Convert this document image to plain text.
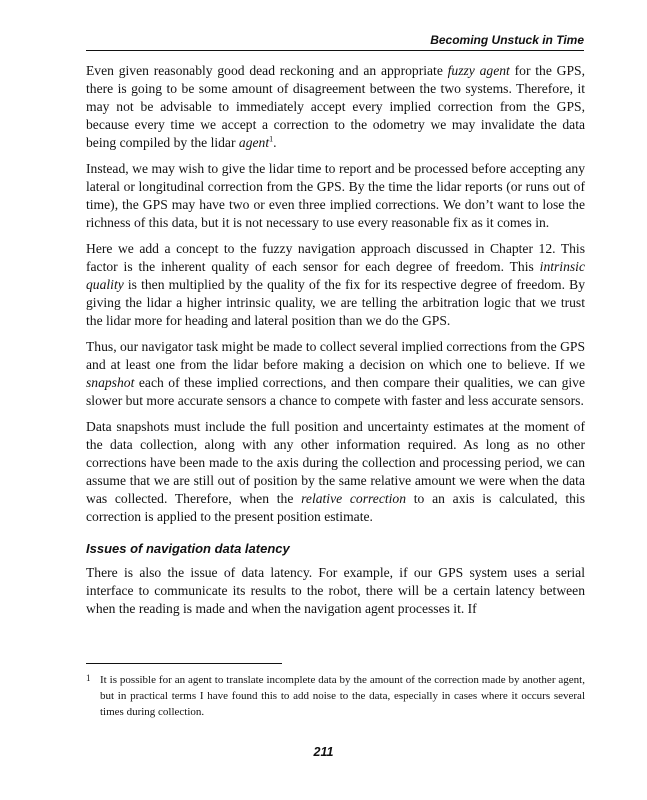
Becoming Unstuck in Time

Even given reasonably good dead reckoning and an appropriate fuzzy agent for the GPS, there is going to be some amount of disagreement between the two systems. Therefore, it may not be advisable to immediately accept every implied correction from the GPS, because every time we accept a correction to the odometry we may invalidate the data being compiled by the lidar agent$^1$.

Instead, we may wish to give the lidar time to report and be processed before accepting any lateral or longitudinal correction from the GPS. By the time the lidar reports (or runs out of time), the GPS may have two or even three implied corrections. We don’t want to lose the richness of this data, but it is not necessary to use every reasonable fix as it comes in.

Here we add a concept to the fuzzy navigation approach discussed in Chapter 12. This factor is the inherent quality of each sensor for each degree of freedom. This intrinsic quality is then multiplied by the quality of the fix for its respective degree of freedom. By giving the lidar a higher intrinsic quality, we are telling the arbitration logic that we trust the lidar more for heading and lateral position than we do the GPS.

Thus, our navigator task might be made to collect several implied corrections from the GPS and at least one from the lidar before making a decision on which one to believe. If we snapshot each of these implied corrections, and then compare their qualities, we can give slower but more accurate sensors a chance to compete with faster and less accurate sensors.

Data snapshots must include the full position and uncertainty estimates at the moment of the data collection, along with any other information required. As long as no other corrections have been made to the axis during the collection and processing period, we can assume that we are still out of position by the same relative amount we were when the data was collected. Therefore, when the relative correction to an axis is calculated, this correction is applied to the present position estimate.

Issues of navigation data latency

There is also the issue of data latency. For example, if our GPS system uses a serial interface to communicate its results to the robot, there will be a certain latency between when the reading is made and when the navigation agent processes it. If

1 It is possible for an agent to translate incomplete data by the amount of the correction made by another agent, but in practical terms I have found this to add noise to the data, especially in cases where it occurs several times during collection.
211
